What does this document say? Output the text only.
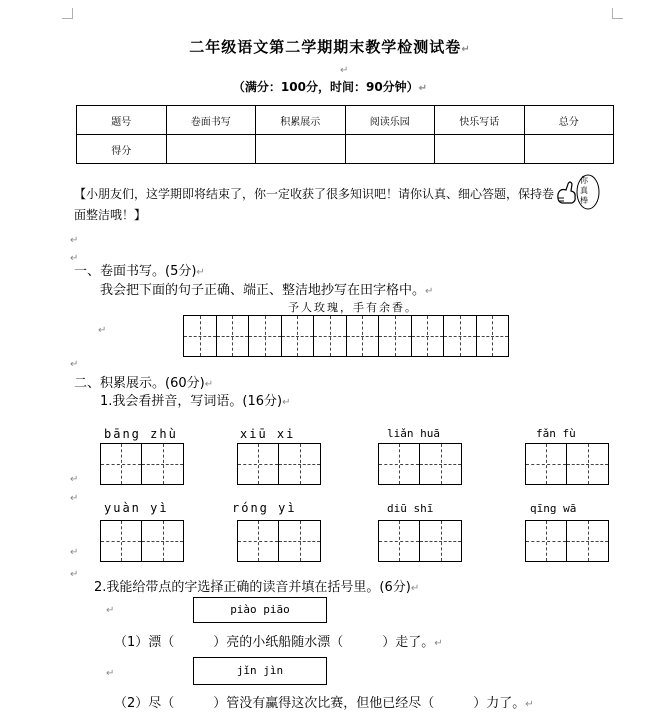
二年级语文第二学期期末教学检测试卷↵
↵
（满分：100分，时间：90分钟）↵
题号	卷面书写	积累展示	阅读乐园	快乐写话	总分
得分					
【小朋友们，这学期即将结束了，你一定收获了很多知识吧！请你认真、细心答题，保持卷面整洁哦！】
你真棒
↵
↵
一、卷面书写。(5分)↵
我会把下面的句子正确、端正、整洁地抄写在田字格中。↵
予人玫瑰，手有余香。
↵
↵
二、积累展示。(60分)↵
1.我会看拼音，写词语。(16分)↵
bāng zhù	xiū xi	liǎn huā	fǎn fù
↵
↵
yuàn yì	róng yì	diū shī	qīng wā
↵
↵
2.我能给带点的字选择正确的读音并填在括号里。(6分)↵
↵	piào piāo
（1）漂（　　　）亮的小纸船随水漂（　　　）走了。↵
↵	jǐn jìn
（2）尽（　　　）管没有赢得这次比赛，但他已经尽（　　　）力了。↵
